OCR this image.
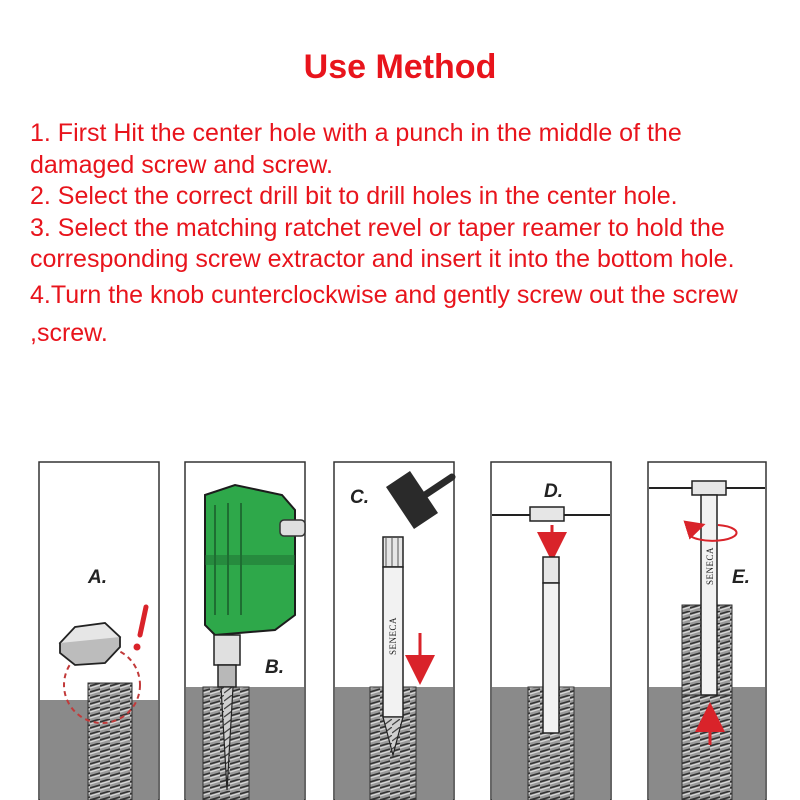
Use Method
1. First Hit the center hole with a punch in the middle of the damaged screw and screw.
2. Select the correct drill bit to drill holes in the center hole.
3. Select the matching ratchet revel or taper reamer to hold the corresponding screw extractor and insert it into the bottom hole.
4.Turn the knob cunterclockwise and gently screw out the screw ,screw.
A.
B.
SENECA
C.	D.
SENECA E.
